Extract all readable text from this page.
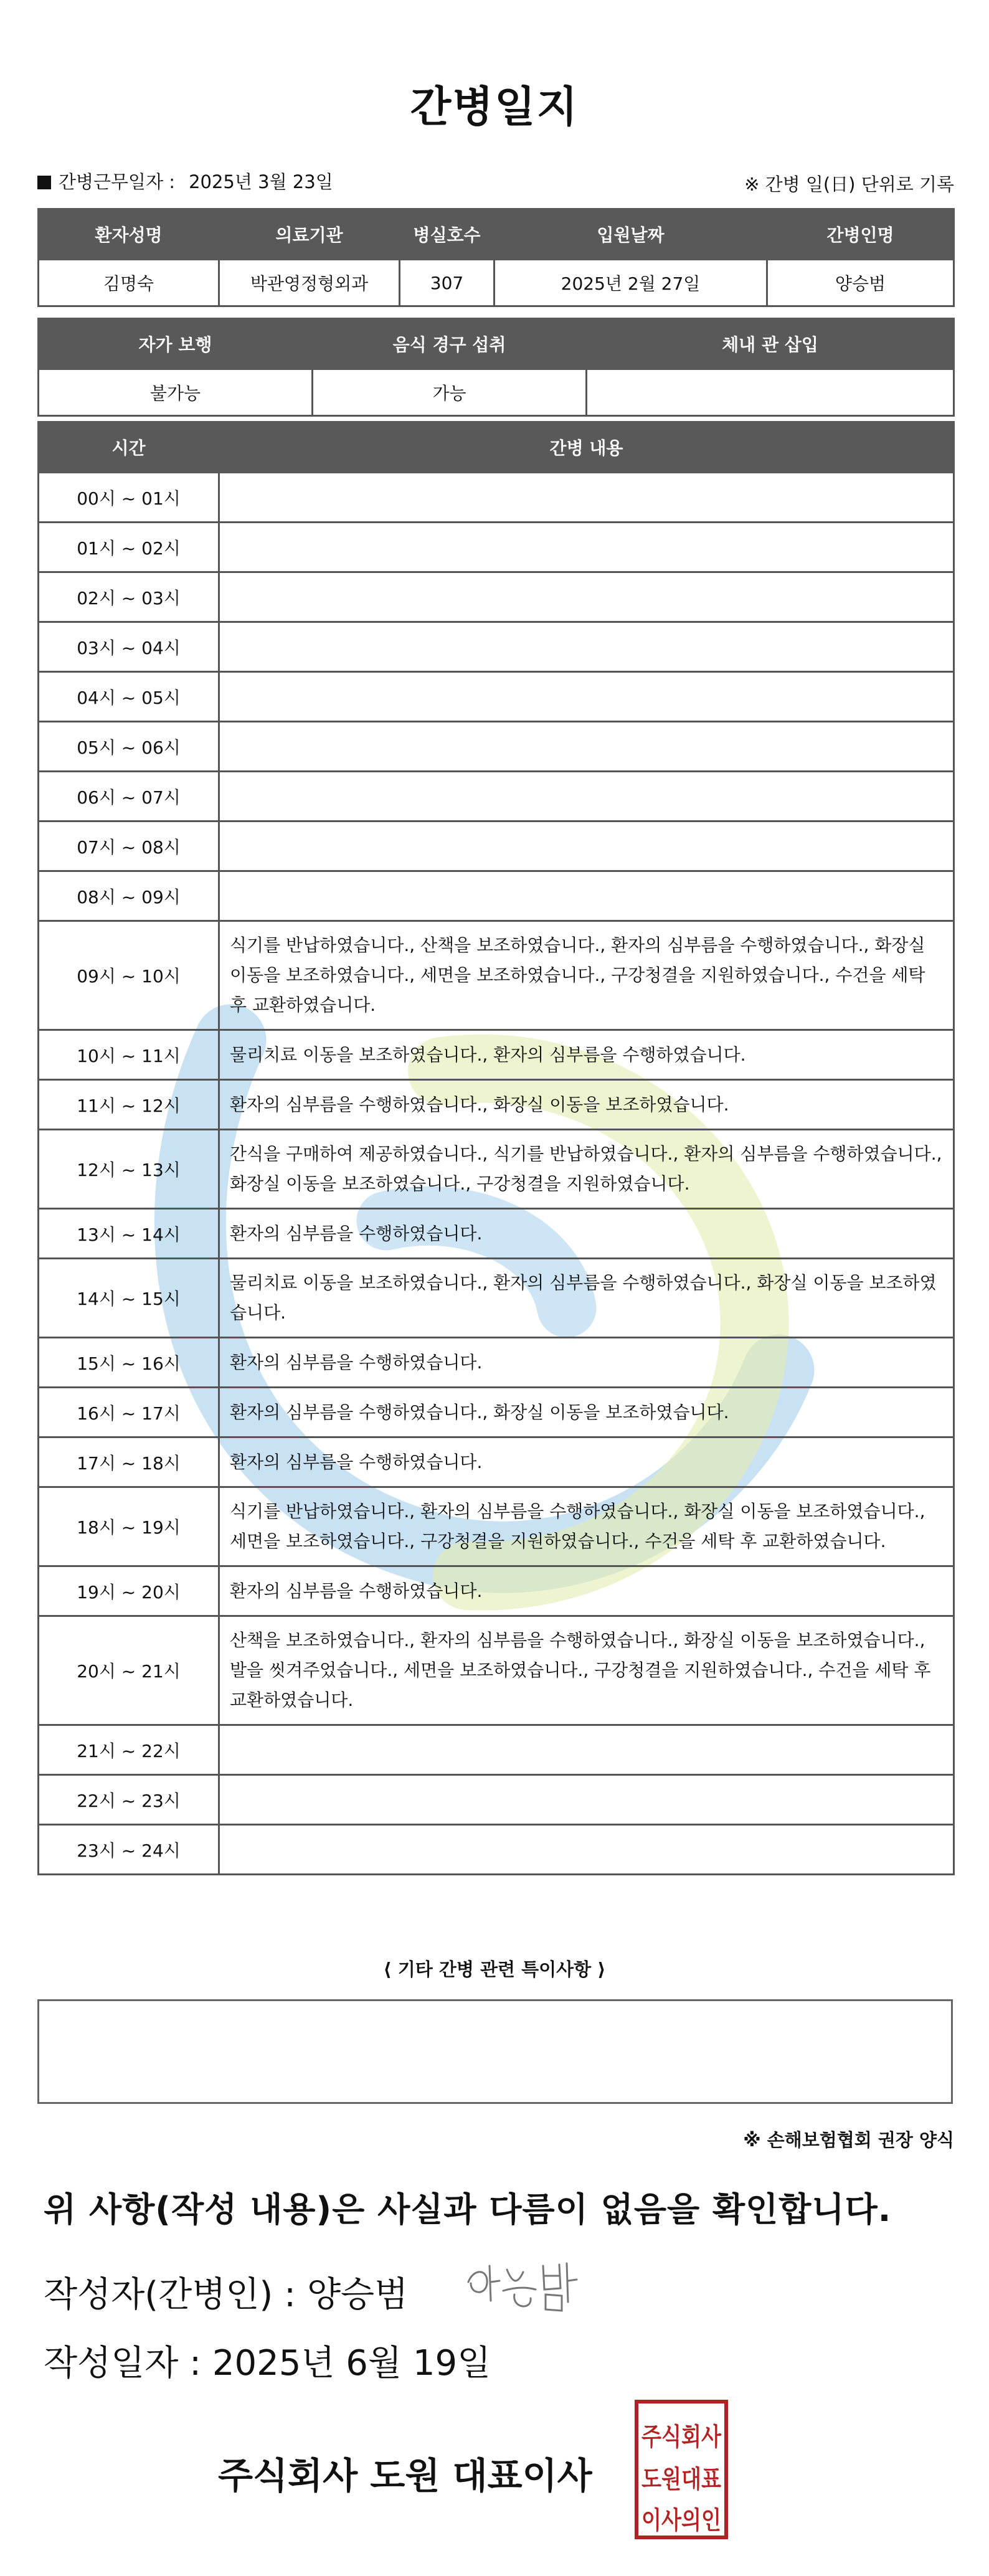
간병일지
간병근무일자 : 2025년 3월 23일	※ 간병 일(日) 단위로 기록
환자성명	의료기관	병실호수	입원날짜	간병인명
김명숙	박관영정형외과	307	2025년 2월 27일	양승범
자가 보행	음식 경구 섭취	체내 관 삽입
불가능	가능	
시간	간병 내용
00시 ~ 01시	
01시 ~ 02시	
02시 ~ 03시	
03시 ~ 04시	
04시 ~ 05시	
05시 ~ 06시	
06시 ~ 07시	
07시 ~ 08시	
08시 ~ 09시	
09시 ~ 10시	식기를 반납하였습니다., 산책을 보조하였습니다., 환자의 심부름을 수행하였습니다., 화장실 이동을 보조하였습니다., 세면을 보조하였습니다., 구강청결을 지원하였습니다., 수건을 세탁 후 교환하였습니다.
10시 ~ 11시	물리치료 이동을 보조하였습니다., 환자의 심부름을 수행하였습니다.
11시 ~ 12시	환자의 심부름을 수행하였습니다., 화장실 이동을 보조하였습니다.
12시 ~ 13시	간식을 구매하여 제공하였습니다., 식기를 반납하였습니다., 환자의 심부름을 수행하였습니다., 화장실 이동을 보조하였습니다., 구강청결을 지원하였습니다.
13시 ~ 14시	환자의 심부름을 수행하였습니다.
14시 ~ 15시	물리치료 이동을 보조하였습니다., 환자의 심부름을 수행하였습니다., 화장실 이동을 보조하였습니다.
15시 ~ 16시	환자의 심부름을 수행하였습니다.
16시 ~ 17시	환자의 심부름을 수행하였습니다., 화장실 이동을 보조하였습니다.
17시 ~ 18시	환자의 심부름을 수행하였습니다.
18시 ~ 19시	식기를 반납하였습니다., 환자의 심부름을 수행하였습니다., 화장실 이동을 보조하였습니다., 세면을 보조하였습니다., 구강청결을 지원하였습니다., 수건을 세탁 후 교환하였습니다.
19시 ~ 20시	환자의 심부름을 수행하였습니다.
20시 ~ 21시	산책을 보조하였습니다., 환자의 심부름을 수행하였습니다., 화장실 이동을 보조하였습니다., 발을 씻겨주었습니다., 세면을 보조하였습니다., 구강청결을 지원하였습니다., 수건을 세탁 후 교환하였습니다.
21시 ~ 22시	
22시 ~ 23시	
23시 ~ 24시	
⟨ 기타 간병 관련 특이사항 ⟩
※ 손해보험협회 권장 양식
위 사항(작성 내용)은 사실과 다름이 없음을 확인합니다.
작성자(간병인) : 양승범
작성일자 : 2025년 6월 19일
주식회사 도원 대표이사
주식회사
도원대표
이사의인
